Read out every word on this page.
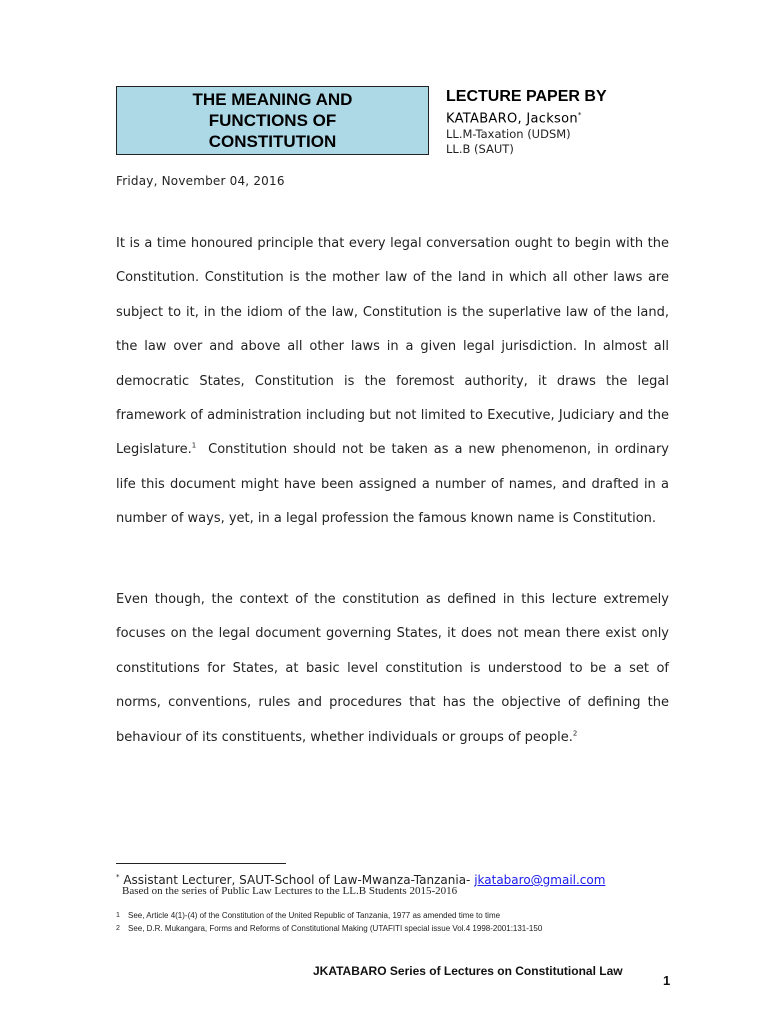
THE MEANING AND
FUNCTIONS OF
CONSTITUTION
LECTURE PAPER BY
KATABARO, Jackson*
LL.M-Taxation (UDSM)
LL.B (SAUT)
Friday, November 04, 2016

It is a time honoured principle that every legal conversation ought to begin with the Constitution. Constitution is the mother law of the land in which all other laws are subject to it, in the idiom of the law, Constitution is the superlative law of the land, the law over and above all other laws in a given legal jurisdiction. In almost all democratic States, Constitution is the foremost authority, it draws the legal framework of administration including but not limited to Executive, Judiciary and the Legislature.$^1$  Constitution should not be taken as a new phenomenon, in ordinary life this document might have been assigned a number of names, and drafted in a number of ways, yet, in a legal profession the famous known name is Constitution.

Even though, the context of the constitution as defined in this lecture extremely focuses on the legal document governing States, it does not mean there exist only constitutions for States, at basic level constitution is understood to be a set of norms, conventions, rules and procedures that has the objective of defining the behaviour of its constituents, whether individuals or groups of people.$^2$

* Assistant Lecturer, SAUT-School of Law-Mwanza-Tanzania- jkatabaro@gmail.com
Based on the series of Public Law Lectures to the LL.B Students 2015-2016
1 See, Article 4(1)-(4) of the Constitution of the United Republic of Tanzania, 1977 as amended time to time
2 See, D.R. Mukangara, Forms and Reforms of Constitutional Making (UTAFITI special issue Vol.4 1998-2001:131-150
JKATABARO Series of Lectures on Constitutional Law
1
